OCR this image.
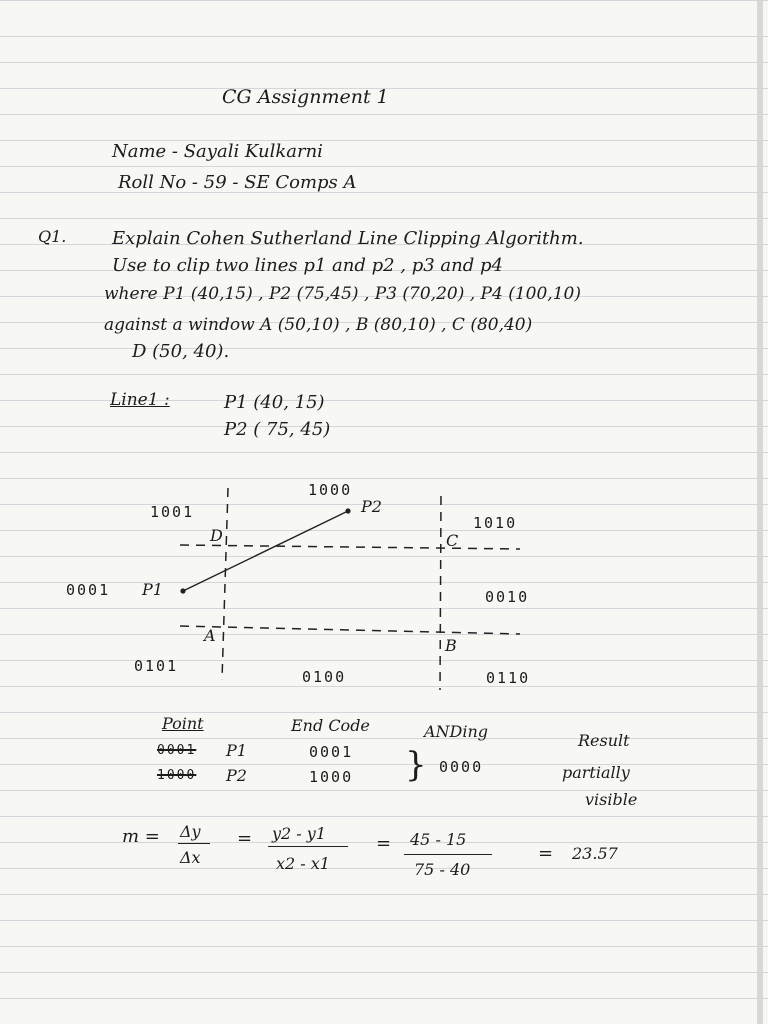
CG Assignment 1
Name - Sayali Kulkarni
Roll No - 59 - SE Comps A
Q1.	Explain Cohen Sutherland Line Clipping Algorithm.
Use to clip two lines p1 and p2 , p3 and p4
where P1 (40,15) , P2 (75,45) , P3 (70,20) , P4 (100,10)
against a window A (50,10) , B (80,10) , C (80,40)
D (50, 40).
Line1 :	P1 (40, 15)
P2 ( 75, 45)
1001
1000
1010
0001	0010
0101
0100	0110
D	C
A
B
P1
P2
Point	End Code	ANDing	Result
0001 P1	0001
1000 P2	1000 } 0000	partially
visible
m = Δy
Δx
= y2 - y1
x2 - x1
= 45 - 15
75 - 40
= 23.57
